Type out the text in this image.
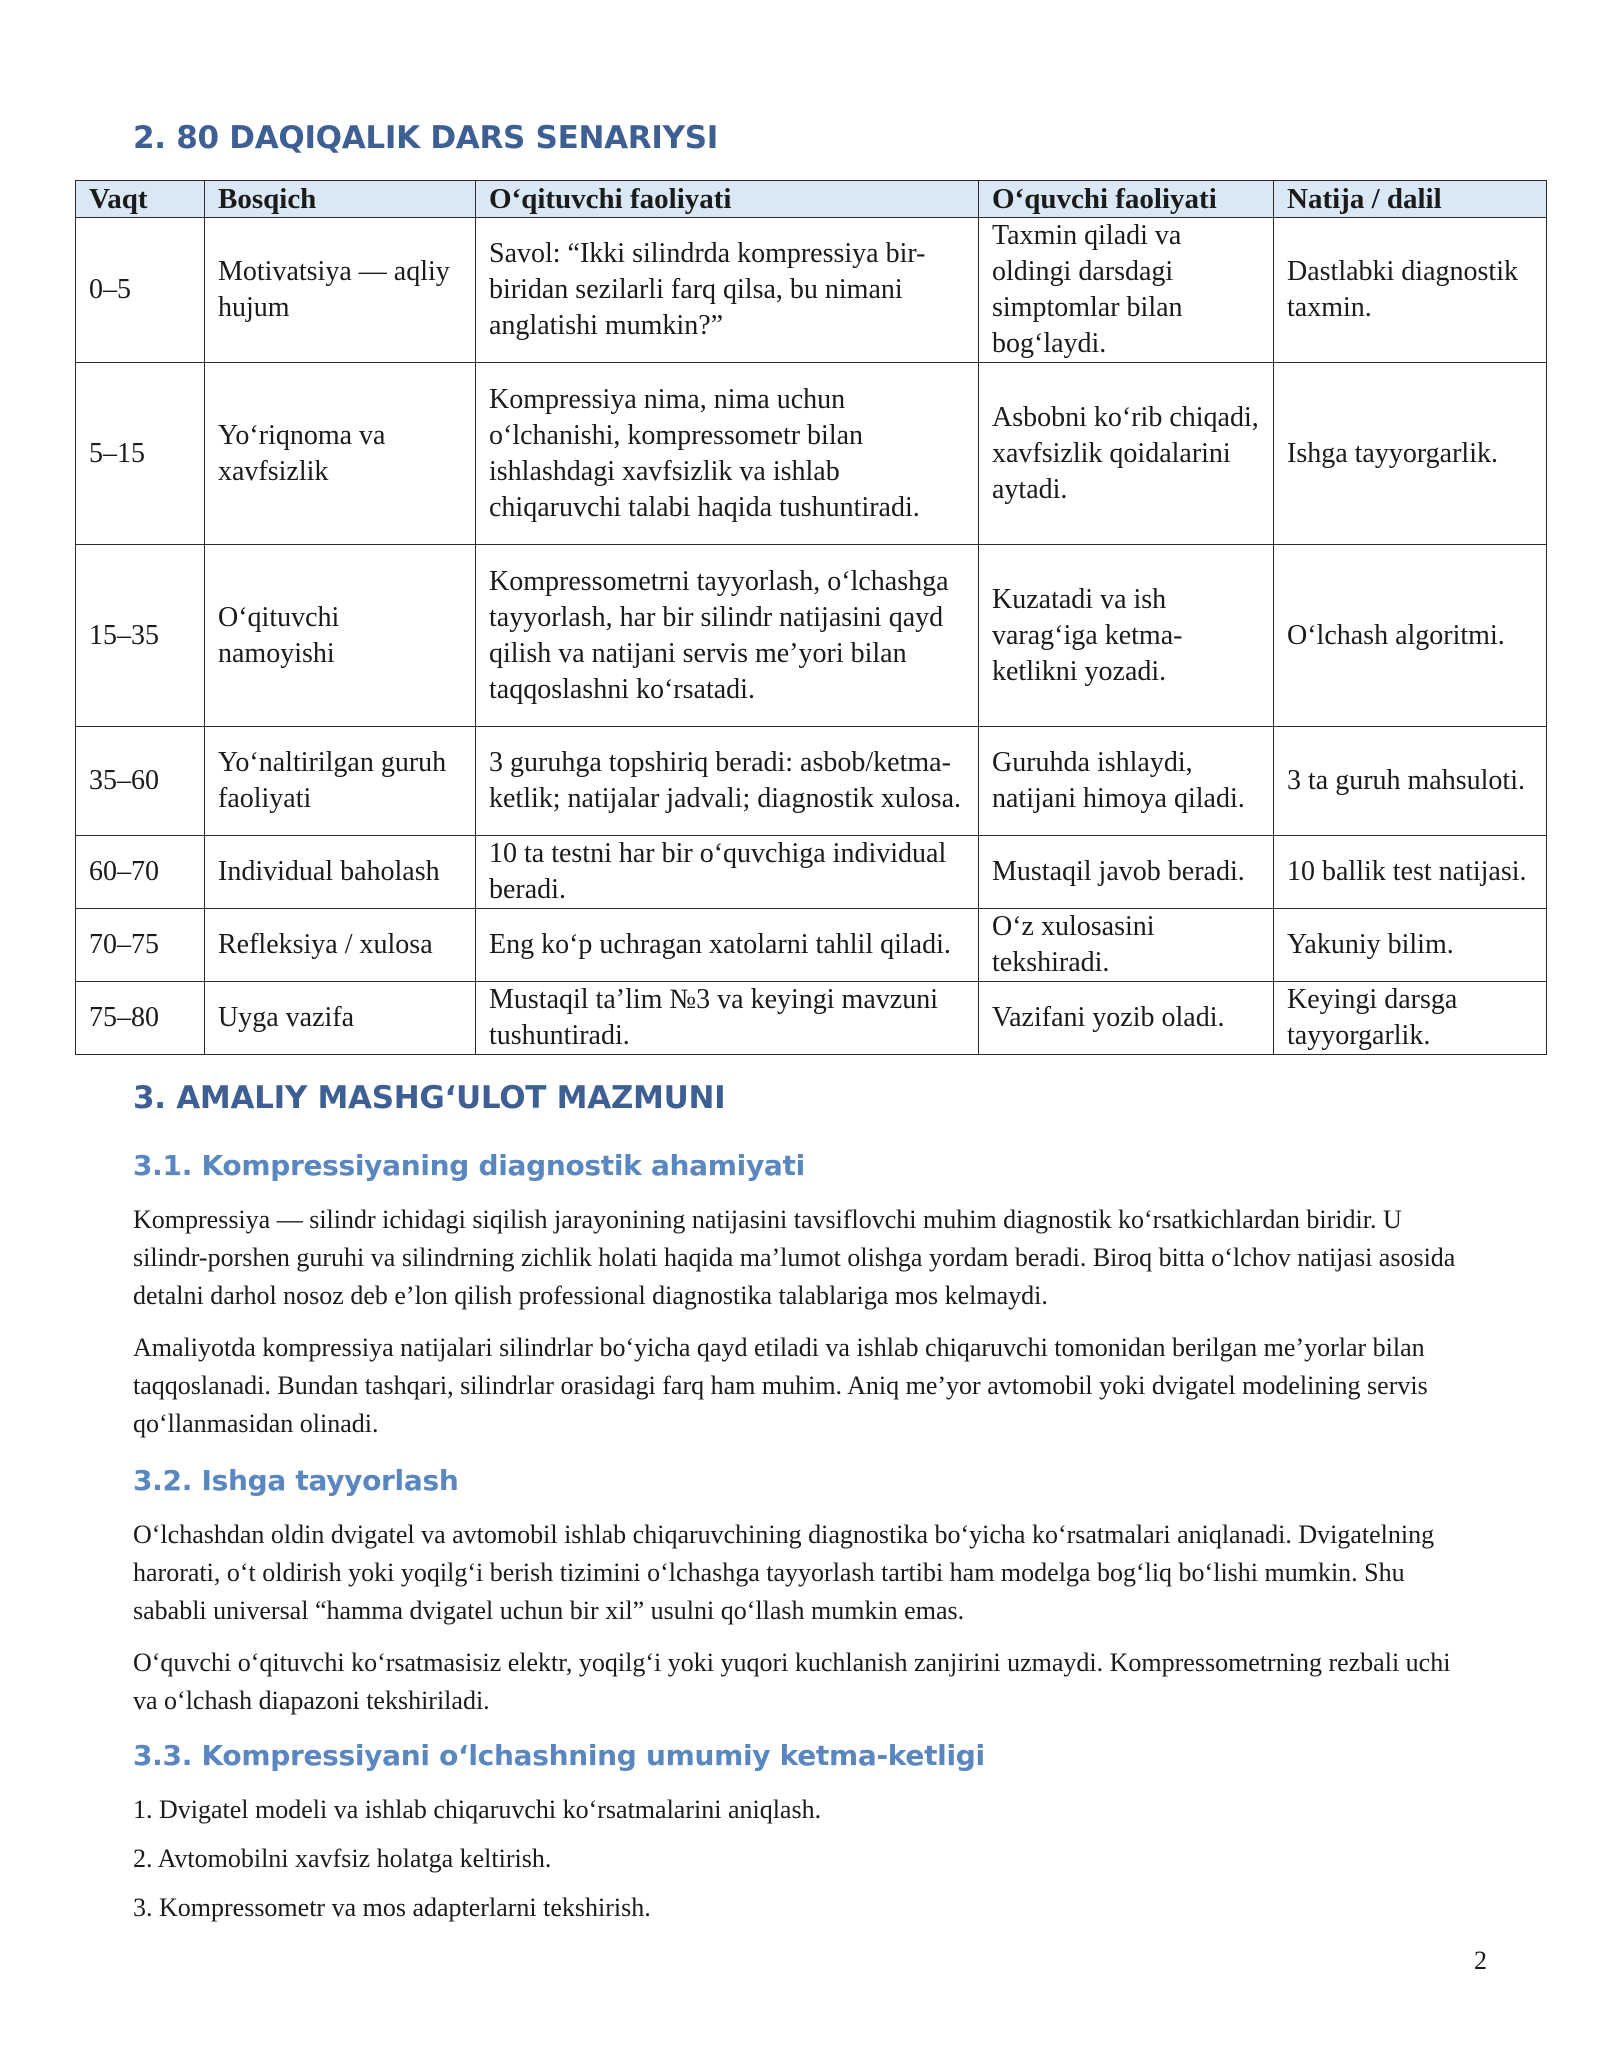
2. 80 DAQIQALIK DARS SENARIYSI
Vaqt	Bosqich	O‘qituvchi faoliyati	O‘quvchi faoliyati	Natija / dalil
0–5	Motivatsiya — aqliy hujum	Savol: “Ikki silindrda kompressiya bir-biridan sezilarli farq qilsa, bu nimani anglatishi mumkin?”	Taxmin qiladi va oldingi darsdagi simptomlar bilan bog‘laydi.	Dastlabki diagnostik taxmin.
5–15	Yo‘riqnoma va xavfsizlik	Kompressiya nima, nima uchun o‘lchanishi, kompressometr bilan ishlashdagi xavfsizlik va ishlab chiqaruvchi talabi haqida tushuntiradi.	Asbobni ko‘rib chiqadi, xavfsizlik qoidalarini aytadi.	Ishga tayyorgarlik.
15–35	O‘qituvchi namoyishi	Kompressometrni tayyorlash, o‘lchashga tayyorlash, har bir silindr natijasini qayd qilish va natijani servis me’yori bilan taqqoslashni ko‘rsatadi.	Kuzatadi va ish varag‘iga ketma-ketlikni yozadi.	O‘lchash algoritmi.
35–60	Yo‘naltirilgan guruh faoliyati	3 guruhga topshiriq beradi: asbob/ketma-ketlik; natijalar jadvali; diagnostik xulosa.	Guruhda ishlaydi, natijani himoya qiladi.	3 ta guruh mahsuloti.
60–70	Individual baholash	10 ta testni har bir o‘quvchiga individual beradi.	Mustaqil javob beradi.	10 ballik test natijasi.
70–75	Refleksiya / xulosa	Eng ko‘p uchragan xatolarni tahlil qiladi.	O‘z xulosasini tekshiradi.	Yakuniy bilim.
75–80	Uyga vazifa	Mustaqil ta’lim №3 va keyingi mavzuni tushuntiradi.	Vazifani yozib oladi.	Keyingi darsga tayyorgarlik.
3. AMALIY MASHG‘ULOT MAZMUNI
3.1. Kompressiyaning diagnostik ahamiyati

Kompressiya — silindr ichidagi siqilish jarayonining natijasini tavsiflovchi muhim diagnostik ko‘rsatkichlardan biridir. U silindr-porshen guruhi va silindrning zichlik holati haqida ma’lumot olishga yordam beradi. Biroq bitta o‘lchov natijasi asosida detalni darhol nosoz deb e’lon qilish professional diagnostika talablariga mos kelmaydi.

Amaliyotda kompressiya natijalari silindrlar bo‘yicha qayd etiladi va ishlab chiqaruvchi tomonidan berilgan me’yorlar bilan taqqoslanadi. Bundan tashqari, silindrlar orasidagi farq ham muhim. Aniq me’yor avtomobil yoki dvigatel modelining servis qo‘llanmasidan olinadi.

3.2. Ishga tayyorlash

O‘lchashdan oldin dvigatel va avtomobil ishlab chiqaruvchining diagnostika bo‘yicha ko‘rsatmalari aniqlanadi. Dvigatelning harorati, o‘t oldirish yoki yoqilg‘i berish tizimini o‘lchashga tayyorlash tartibi ham modelga bog‘liq bo‘lishi mumkin. Shu sababli universal “hamma dvigatel uchun bir xil” usulni qo‘llash mumkin emas.

O‘quvchi o‘qituvchi ko‘rsatmasisiz elektr, yoqilg‘i yoki yuqori kuchlanish zanjirini uzmaydi. Kompressometrning rezbali uchi va o‘lchash diapazoni tekshiriladi.

3.3. Kompressiyani o‘lchashning umumiy ketma-ketligi

1. Dvigatel modeli va ishlab chiqaruvchi ko‘rsatmalarini aniqlash.

2. Avtomobilni xavfsiz holatga keltirish.

3. Kompressometr va mos adapterlarni tekshirish.

2
